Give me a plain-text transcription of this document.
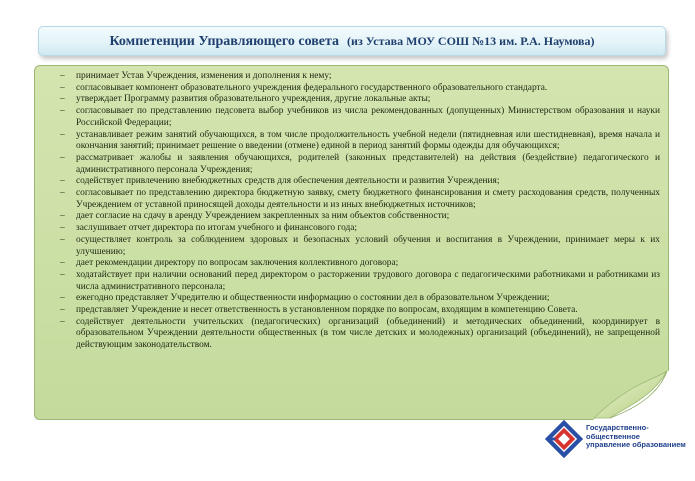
Компетенции Управляющего совета (из Устава МОУ СОШ №13 им. Р.А. Наумова)
–	принимает Устав Учреждения, изменения и дополнения к нему;
–	согласовывает компонент образовательного учреждения федерального государственного образовательного стандарта.
–	утверждает Программу развития образовательного учреждения, другие локальные акты;
–	согласовывает по представлению педсовета выбор учебников из числа рекомендованных (допущенных) Министерством образования и науки Российской Федерации;
–	устанавливает режим занятий обучающихся, в том числе продолжительность учебной недели (пятидневная или шестидневная), время начала и окончания занятий; принимает решение о введении (отмене) единой в период занятий формы одежды для обучающихся;
–	рассматривает жалобы и заявления обучающихся, родителей (законных представителей) на действия (бездействие) педагогического и административного персонала Учреждения;
–	содействует привлечению внебюджетных средств для обеспечения деятельности и развития Учреждения;
–	согласовывает по представлению директора бюджетную заявку, смету бюджетного финансирования и смету расходования средств, полученных Учреждением от уставной приносящей доходы деятельности и из иных внебюджетных источников;
–	дает согласие на сдачу в аренду Учреждением закрепленных за ним объектов собственности;
–	заслушивает отчет директора по итогам учебного и финансового года;
–	осуществляет контроль за соблюдением здоровых и безопасных условий обучения и воспитания в Учреждении, принимает меры к их улучшению;
–	дает рекомендации директору по вопросам заключения коллективного договора;
–	ходатайствует при наличии оснований перед директором о расторжении трудового договора с педагогическими работниками и работниками из числа административного персонала;
–	ежегодно представляет Учредителю и общественности информацию о состоянии дел в образовательном Учреждении;
–	представляет Учреждение и несет ответственность в установленном порядке по вопросам, входящим в компетенцию Совета.
–	содействует деятельности учительских (педагогических) организаций (объединений) и методических объединений, координирует в образовательном Учреждении деятельности общественных (в том числе детских и молодежных) организаций (объединений), не запрещенной действующим законодательством.
Государственно-общественное
управление образованием
